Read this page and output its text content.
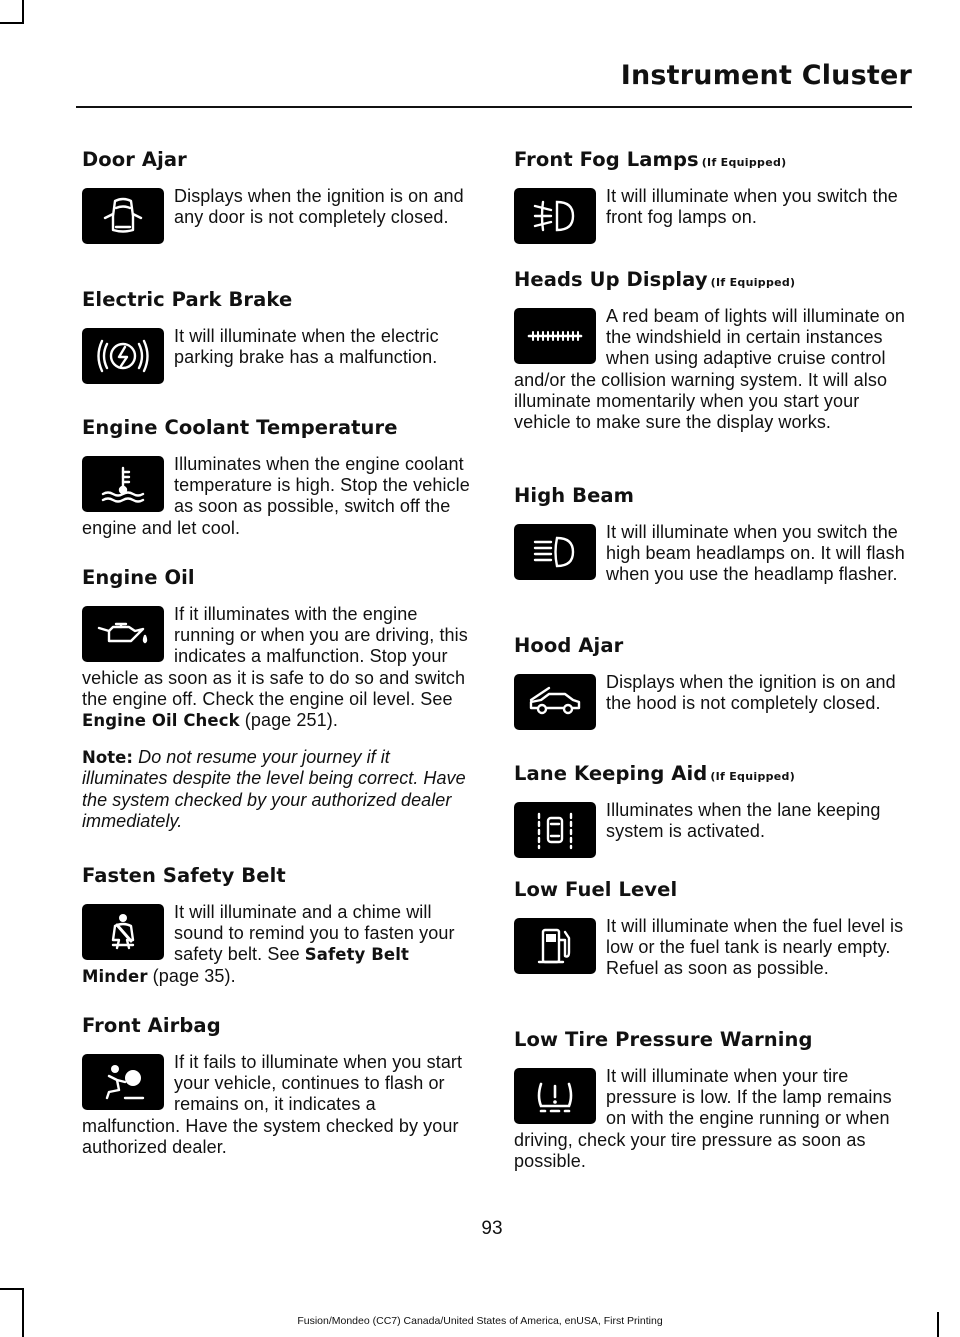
Instrument Cluster
Door Ajar

Displays when the ignition is on and any door is not completely closed.

Electric Park Brake

It will illuminate when the electric parking brake has a malfunction.

Engine Coolant Temperature

Illuminates when the engine coolant temperature is high. Stop the vehicle as soon as possible, switch off the engine and let cool.

Engine Oil

If it illuminates with the engine running or when you are driving, this indicates a malfunction. Stop your vehicle as soon as it is safe to do so and switch the engine off. Check the engine oil level. See Engine Oil Check (page 251).

Note: Do not resume your journey if it illuminates despite the level being correct. Have the system checked by your authorized dealer immediately.

Fasten Safety Belt

It will illuminate and a chime will sound to remind you to fasten your safety belt. See Safety Belt Minder (page 35).

Front Airbag

If it fails to illuminate when you start your vehicle, continues to flash or remains on, it indicates a malfunction. Have the system checked by your authorized dealer.

Front Fog Lamps (If Equipped)

It will illuminate when you switch the front fog lamps on.

Heads Up Display (If Equipped)

A red beam of lights will illuminate on the windshield in certain instances when using adaptive cruise control and/or the collision warning system. It will also illuminate momentarily when you start your vehicle to make sure the display works.

High Beam

It will illuminate when you switch the high beam headlamps on. It will flash when you use the headlamp flasher.

Hood Ajar

Displays when the ignition is on and the hood is not completely closed.

Lane Keeping Aid (If Equipped)

Illuminates when the lane keeping system is activated.

Low Fuel Level

It will illuminate when the fuel level is low or the fuel tank is nearly empty. Refuel as soon as possible.

Low Tire Pressure Warning

It will illuminate when your tire pressure is low. If the lamp remains on with the engine running or when driving, check your tire pressure as soon as possible.

93
Fusion/Mondeo (CC7) Canada/United States of America, enUSA, First Printing
